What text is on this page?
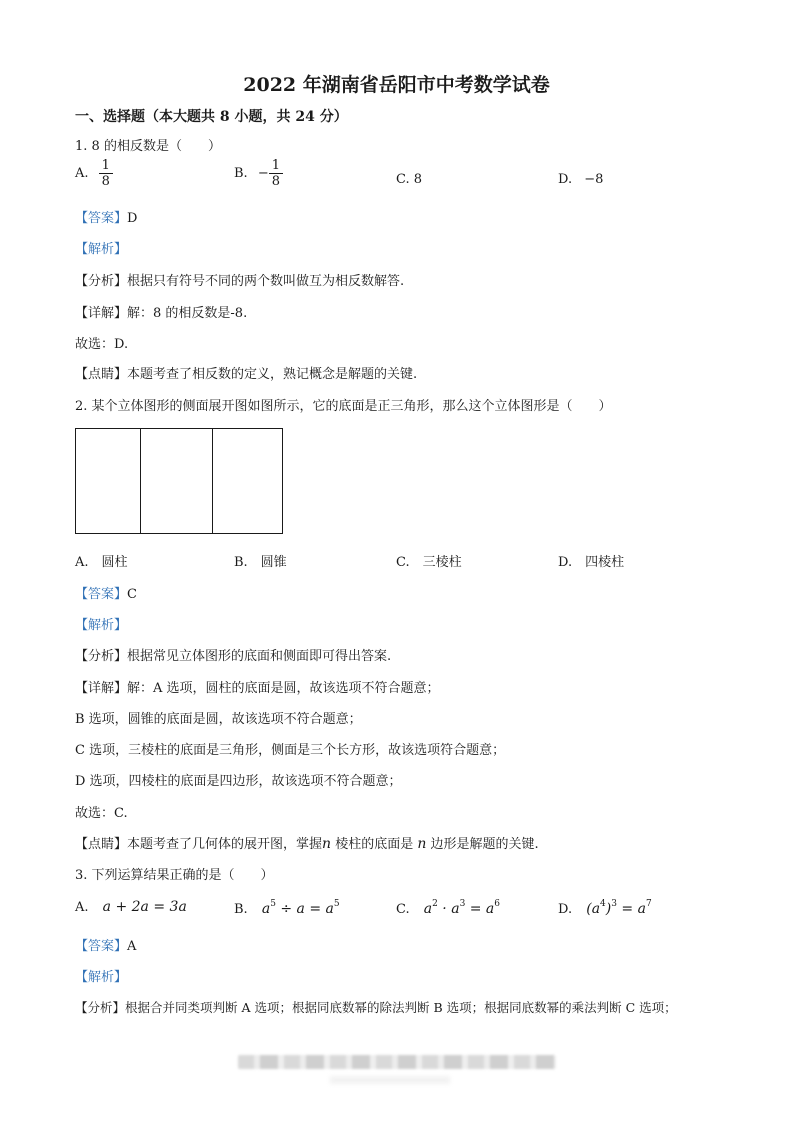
2022 年湖南省岳阳市中考数学试卷
一、选择题（本大题共 8 小题，共 24 分）
1. 8 的相反数是（　　）
A. $\frac{1}{8}$	B. − $\frac{1}{8}$	C. 8	D. −8
【答案】D
【解析】
【分析】根据只有符号不同的两个数叫做互为相反数解答.
【详解】解：8 的相反数是-8.
故选：D.
【点睛】本题考查了相反数的定义，熟记概念是解题的关键.
2. 某个立体图形的侧面展开图如图所示，它的底面是正三角形，那么这个立体图形是（　　）
A.　圆柱	B.　圆锥	C.　三棱柱	D.　四棱柱
【答案】C
【解析】
【分析】根据常见立体图形的底面和侧面即可得出答案.
【详解】解：A 选项，圆柱的底面是圆，故该选项不符合题意；
B 选项，圆锥的底面是圆，故该选项不符合题意；
C 选项，三棱柱的底面是三角形，侧面是三个长方形，故该选项符合题意；
D 选项，四棱柱的底面是四边形，故该选项不符合题意；
故选：C.
【点睛】本题考查了几何体的展开图，掌握n 棱柱的底面是 n 边形是解题的关键.
3. 下列运算结果正确的是（　　）
A. a + 2a = 3a	B. $a^5 \div a = a^5$	C. $a^2 \cdot a^3 = a^6$	D. $(a^4)^3 = a^7$
【答案】A
【解析】
【分析】根据合并同类项判断 A 选项；根据同底数幂的除法判断 B 选项；根据同底数幂的乘法判断 C 选项；
